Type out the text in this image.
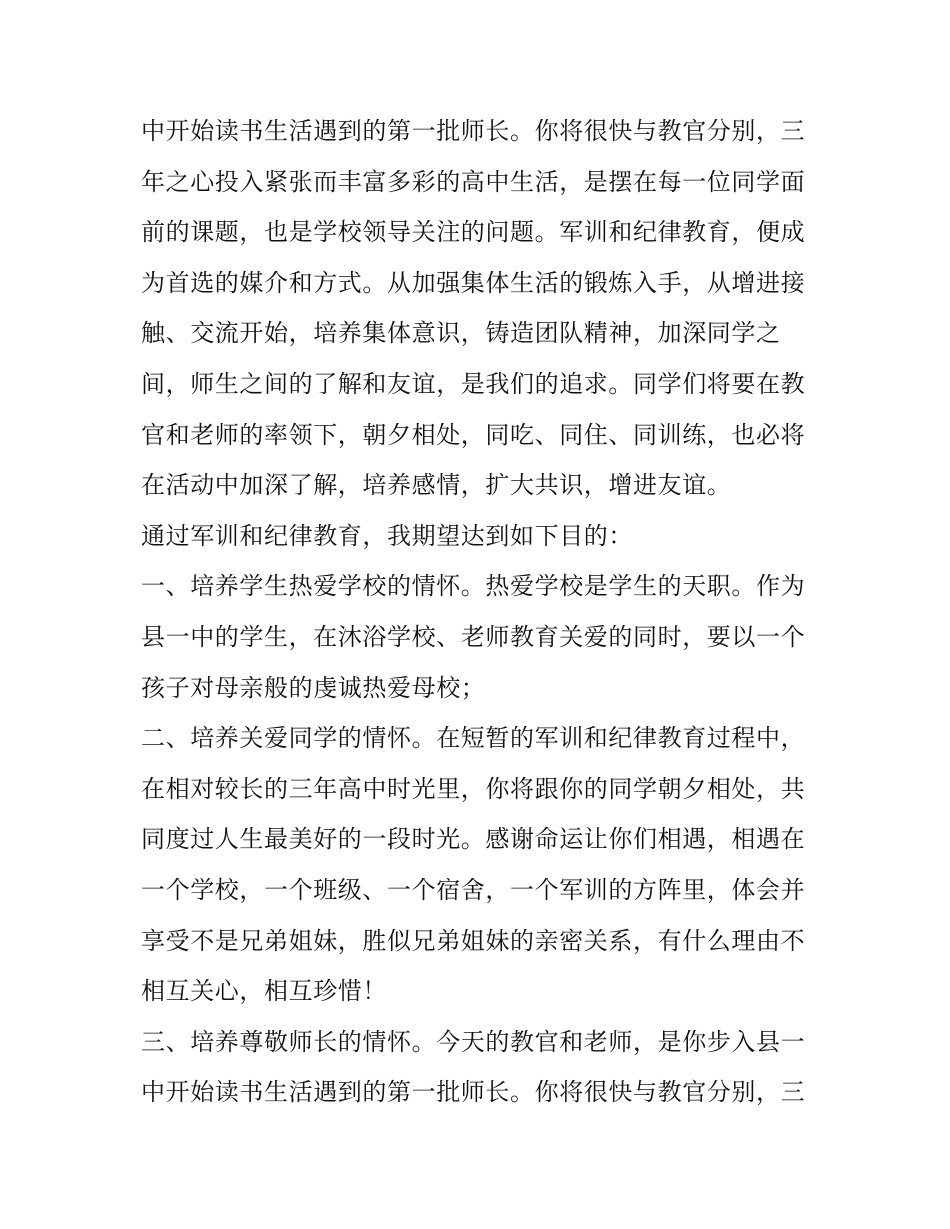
中开始读书生活遇到的第一批师长。你将很快与教官分别，三
年之心投入紧张而丰富多彩的高中生活，是摆在每一位同学面
前的课题，也是学校领导关注的问题。军训和纪律教育，便成
为首选的媒介和方式。从加强集体生活的锻炼入手，从增进接
触、交流开始，培养集体意识，铸造团队精神，加深同学之
间，师生之间的了解和友谊，是我们的追求。同学们将要在教
官和老师的率领下，朝夕相处，同吃、同住、同训练，也必将
在活动中加深了解，培养感情，扩大共识，增进友谊。
通过军训和纪律教育，我期望达到如下目的：
一、培养学生热爱学校的情怀。热爱学校是学生的天职。作为
县一中的学生，在沐浴学校、老师教育关爱的同时，要以一个
孩子对母亲般的虔诚热爱母校；
二、培养关爱同学的情怀。在短暂的军训和纪律教育过程中，
在相对较长的三年高中时光里，你将跟你的同学朝夕相处，共
同度过人生最美好的一段时光。感谢命运让你们相遇，相遇在
一个学校，一个班级、一个宿舍，一个军训的方阵里，体会并
享受不是兄弟姐妹，胜似兄弟姐妹的亲密关系，有什么理由不
相互关心，相互珍惜！
三、培养尊敬师长的情怀。今天的教官和老师，是你步入县一
中开始读书生活遇到的第一批师长。你将很快与教官分别，三
